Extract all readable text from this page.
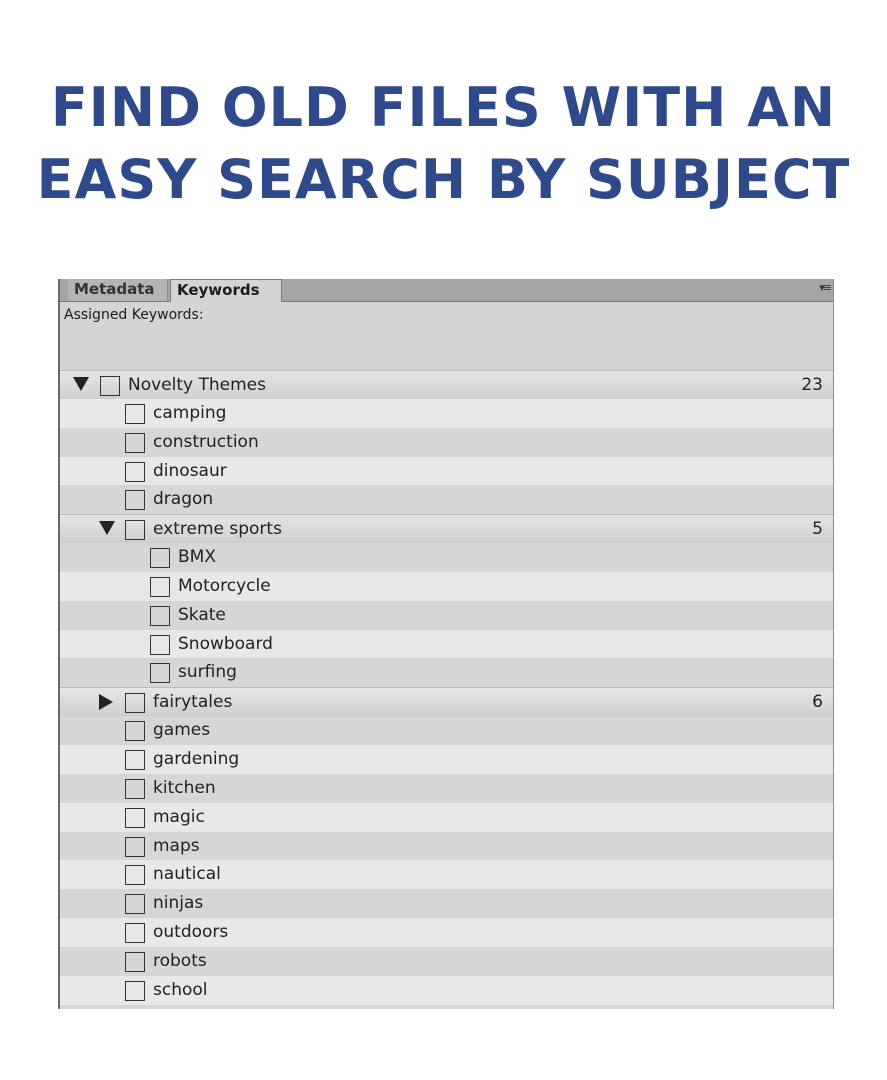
FIND OLD FILES WITH AN
EASY SEARCH BY SUBJECT
Metadata	Keywords	▾≡
Assigned Keywords:
Novelty Themes	23
camping
construction
dinosaur
dragon
extreme sports	5
BMX
Motorcycle
Skate
Snowboard
surfing
fairytales	6
games
gardening
kitchen
magic
maps
nautical
ninjas
outdoors
robots
school
